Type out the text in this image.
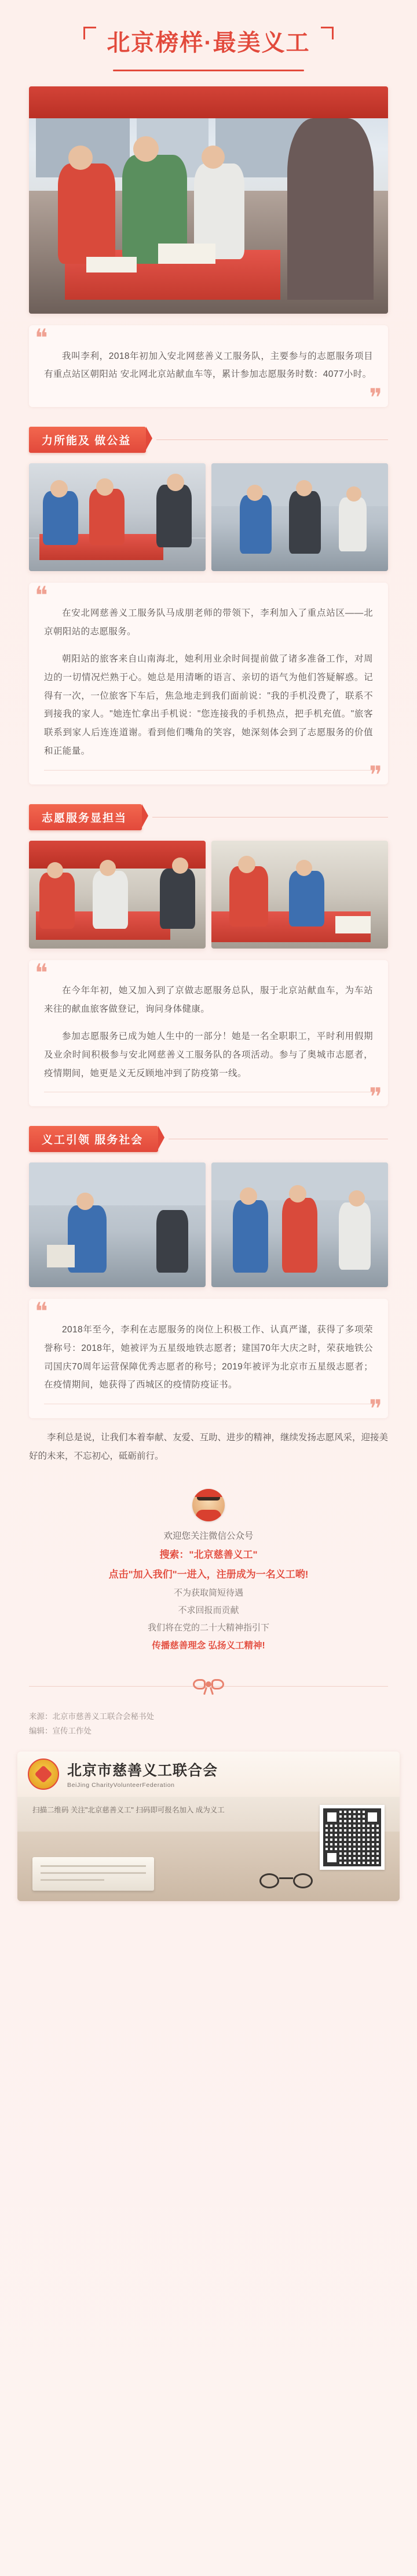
北京榜样·最美义工
❝

我叫李利，2018年初加入安北网慈善义工服务队，主要参与的志愿服务项目有重点站区朝阳站 安北网北京站献血车等，累计参加志愿服务时数：4077小时。

❞
力所能及 做公益
❝

在安北网慈善义工服务队马成朋老师的带领下，李利加入了重点站区——北京朝阳站的志愿服务。

朝阳站的旅客来自山南海北，她利用业余时间提前做了诸多准备工作，对周边的一切情况烂熟于心。她总是用清晰的语言、亲切的语气为他们答疑解惑。记得有一次，一位旅客下车后，焦急地走到我们面前说："我的手机没费了，联系不到接我的家人。"她连忙拿出手机说："您连接我的手机热点，把手机充值。"旅客联系到家人后连连道谢。看到他们嘴角的笑容，她深刻体会到了志愿服务的价值和正能量。

❞
志愿服务显担当
❝

在今年年初，她又加入到了京做志愿服务总队，服于北京站献血车，为车站来往的献血旅客做登记，询问身体健康。

参加志愿服务已成为她人生中的一部分！她是一名全职职工，平时利用假期及业余时间积极参与安北网慈善义工服务队的各项活动。参与了奥城市志愿者，疫情期间，她更是义无反顾地冲到了防疫第一线。

❞
义工引领 服务社会
❝

2018年至今，李利在志愿服务的岗位上积极工作、认真严谨，获得了多项荣誉称号：2018年，她被评为五星级地铁志愿者；建国70年大庆之时，荣获地铁公司国庆70周年运营保障优秀志愿者的称号；2019年被评为北京市五星级志愿者；在疫情期间，她获得了西城区的疫情防疫证书。

❞
李利总是说，让我们本着奉献、友爱、互助、进步的精神，继续发扬志愿风采，迎接美好的未来，不忘初心，砥砺前行。
欢迎您关注微信公众号
搜索："北京慈善义工"
点击"加入我们"一进入，注册成为一名义工哟!
不为获取简短待遇
不求回报而贡献
我们将在党的二十大精神指引下
传播慈善理念 弘扬义工精神!
来源：北京市慈善义工联合会秘书处
编辑：宣传工作处
北京市慈善义工联合会
BeiJing CharityVolunteerFederation
扫描二维码 关注"北京慈善义工" 扫码即可报名加入 成为义工
